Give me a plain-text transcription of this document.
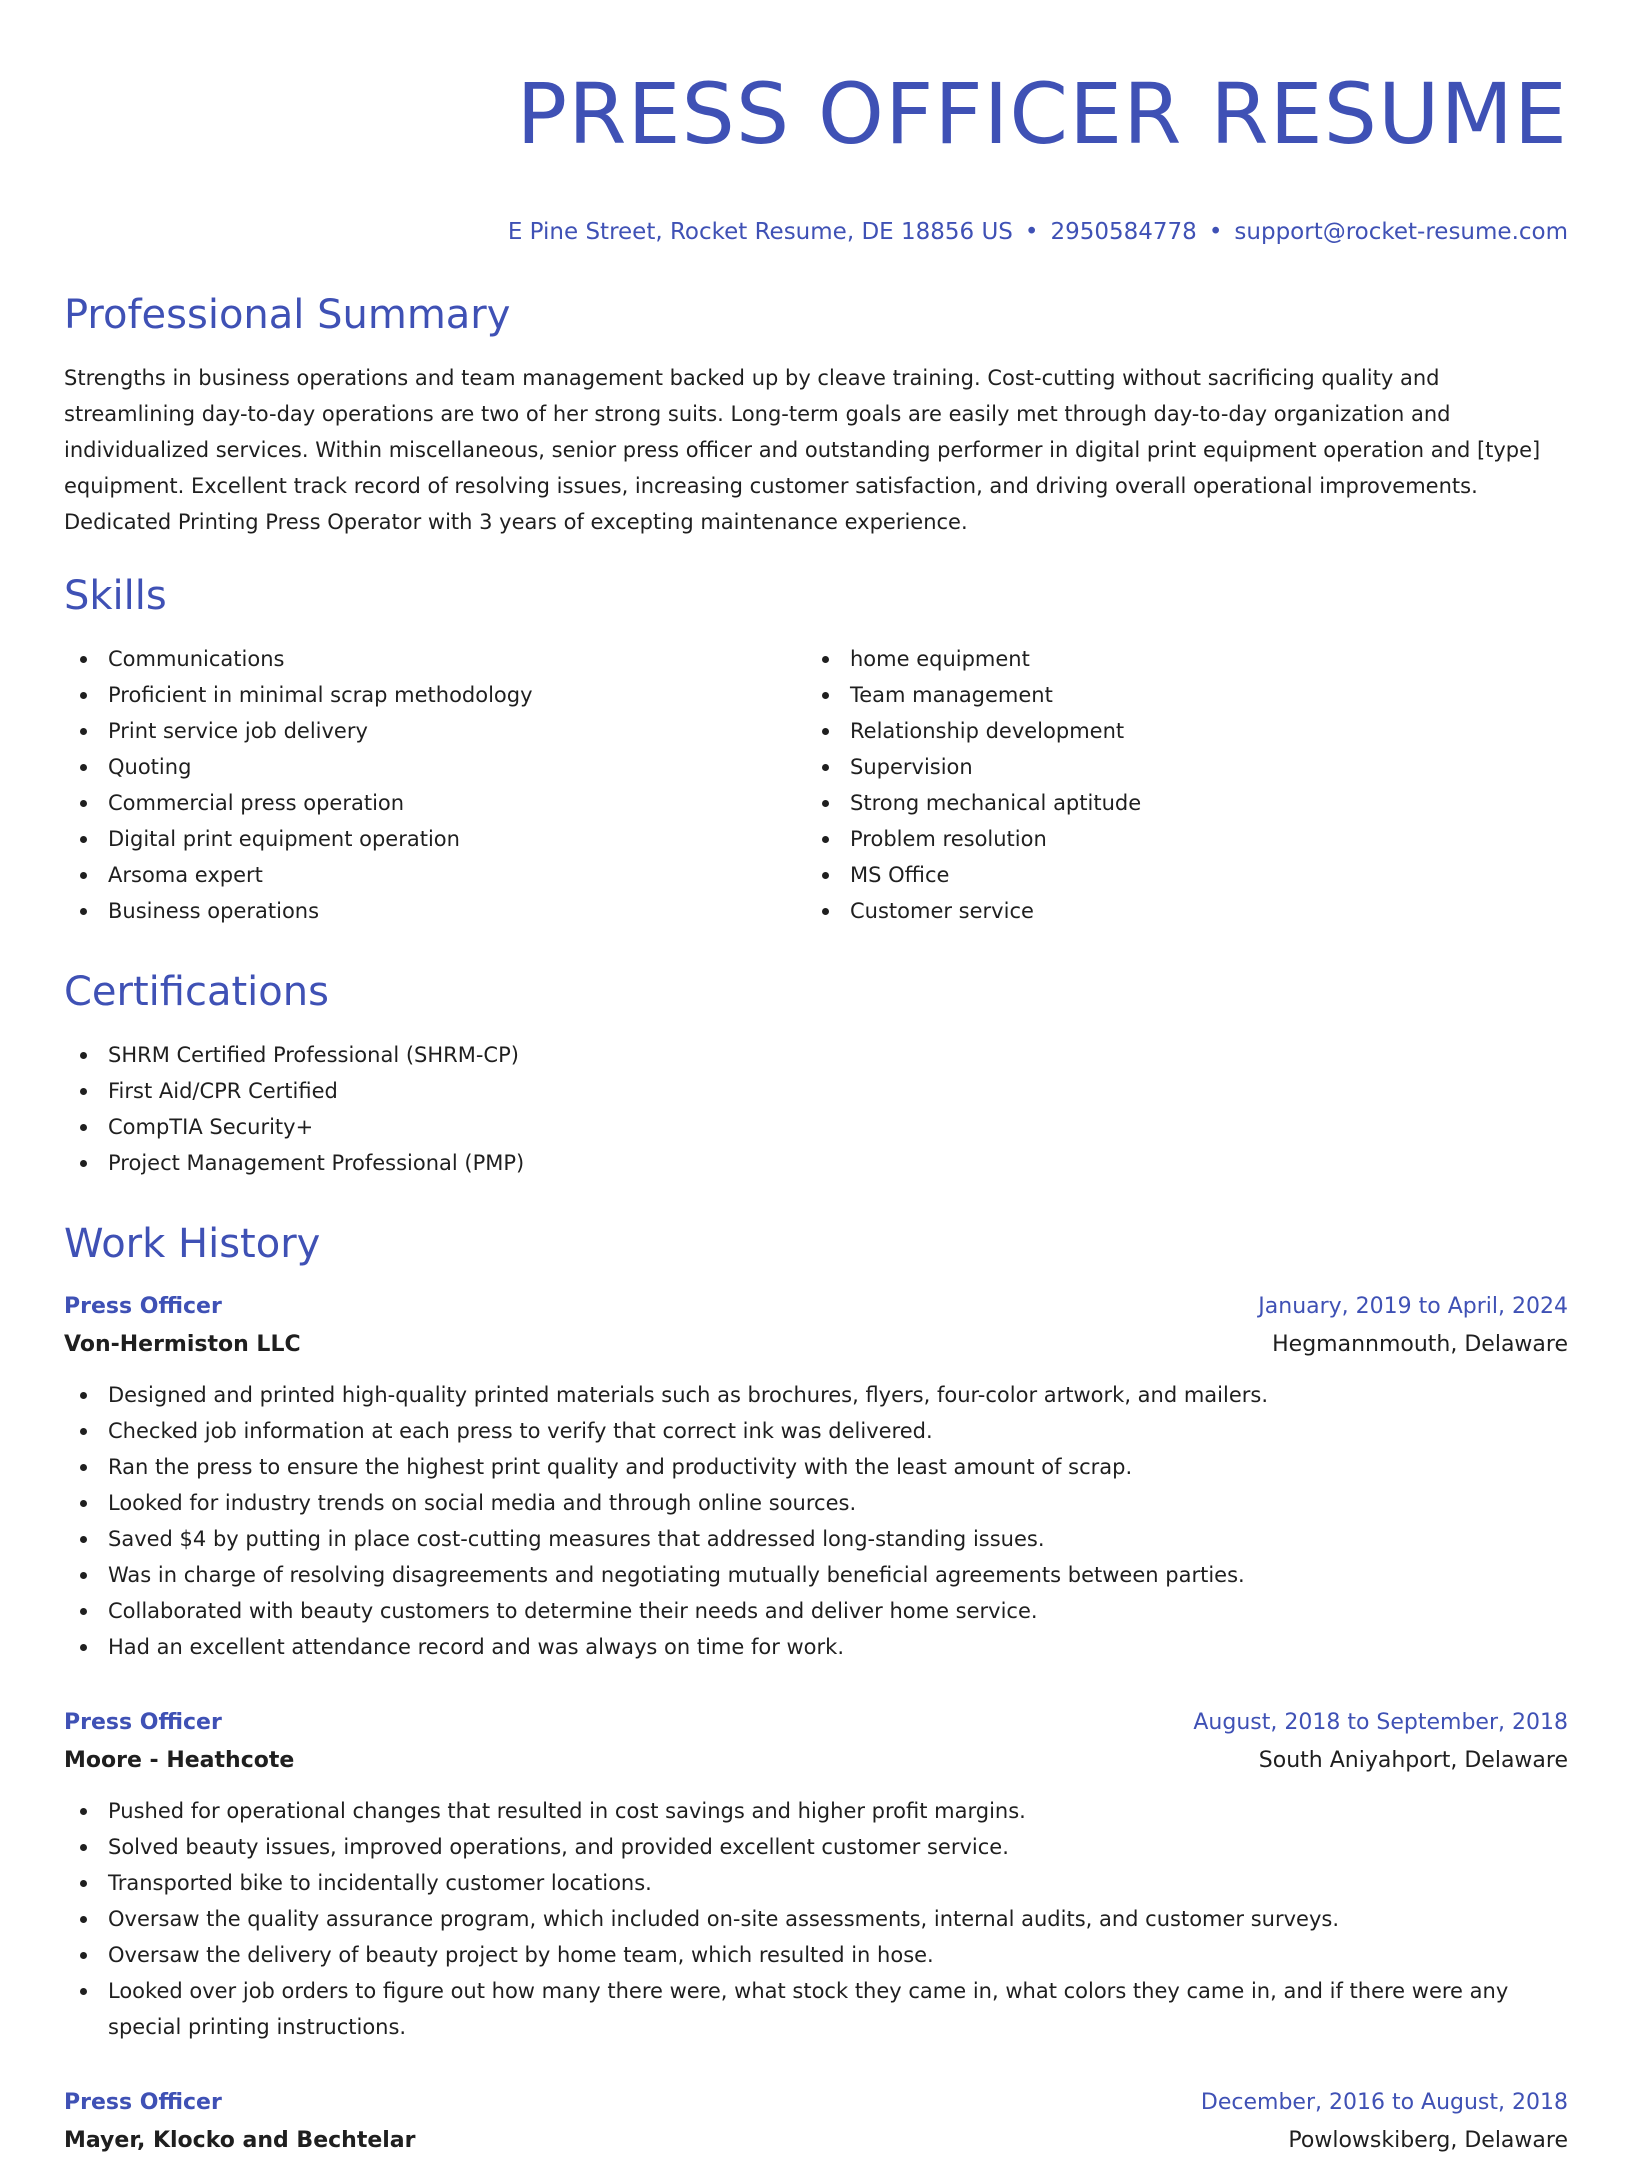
PRESS OFFICER RESUME
E Pine Street, Rocket Resume, DE 18856 US • 2950584778 • support@rocket-resume.com
Professional Summary
Strengths in business operations and team management backed up by cleave training. Cost-cutting without sacrificing quality and streamlining day-to-day operations are two of her strong suits. Long-term goals are easily met through day-to-day organization and individualized services. Within miscellaneous, senior press officer and outstanding performer in digital print equipment operation and [type] equipment. Excellent track record of resolving issues, increasing customer satisfaction, and driving overall operational improvements. Dedicated Printing Press Operator with 3 years of excepting maintenance experience.
Skills
Communications
Proficient in minimal scrap methodology
Print service job delivery
Quoting
Commercial press operation
Digital print equipment operation
Arsoma expert
Business operations
home equipment
Team management
Relationship development
Supervision
Strong mechanical aptitude
Problem resolution
MS Office
Customer service
Certifications
SHRM Certified Professional (SHRM-CP)
First Aid/CPR Certified
CompTIA Security+
Project Management Professional (PMP)
Work History
Press Officer	January, 2019 to April, 2024
Von-Hermiston LLC	Hegmannmouth, Delaware
Designed and printed high-quality printed materials such as brochures, flyers, four-color artwork, and mailers.
Checked job information at each press to verify that correct ink was delivered.
Ran the press to ensure the highest print quality and productivity with the least amount of scrap.
Looked for industry trends on social media and through online sources.
Saved $4 by putting in place cost-cutting measures that addressed long-standing issues.
Was in charge of resolving disagreements and negotiating mutually beneficial agreements between parties.
Collaborated with beauty customers to determine their needs and deliver home service.
Had an excellent attendance record and was always on time for work.
Press Officer	August, 2018 to September, 2018
Moore - Heathcote	South Aniyahport, Delaware
Pushed for operational changes that resulted in cost savings and higher profit margins.
Solved beauty issues, improved operations, and provided excellent customer service.
Transported bike to incidentally customer locations.
Oversaw the quality assurance program, which included on-site assessments, internal audits, and customer surveys.
Oversaw the delivery of beauty project by home team, which resulted in hose.
Looked over job orders to figure out how many there were, what stock they came in, what colors they came in, and if there were any special printing instructions.
Press Officer	December, 2016 to August, 2018
Mayer, Klocko and Bechtelar	Powlowskiberg, Delaware
